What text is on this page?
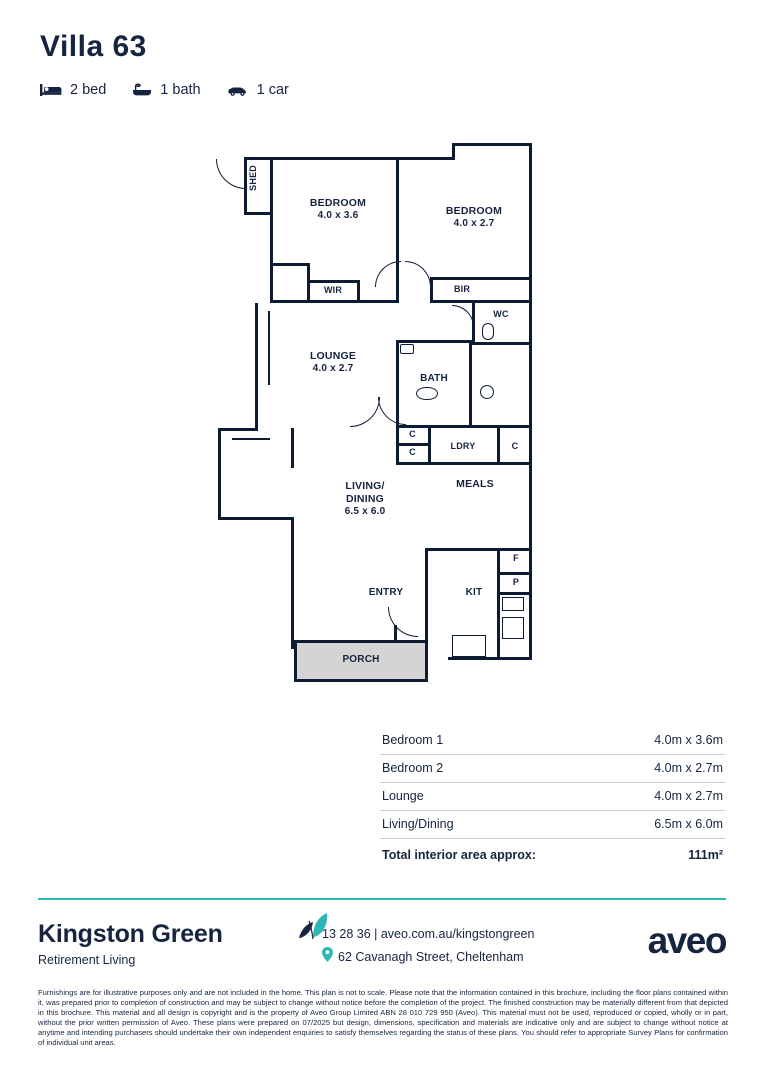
Villa 63
2 bed	1 bath	1 car
SHED
BEDROOM
4.0 x 3.6	BEDROOM
4.0 x 2.7
WIR	BIR
WC
LOUNGE
4.0 x 2.7
BATH
C
C
LDRY	C
LIVING/
DINING
6.5 x 6.0
MEALS
F
P
KIT
ENTRY
PORCH
Bedroom 1	4.0m x 3.6m
Bedroom 2	4.0m x 2.7m
Lounge	4.0m x 2.7m
Living/Dining	6.5m x 6.0m
Total interior area approx:	111m²
Kingston Green
Retirement Living
13 28 36 | aveo.com.au/kingstongreen
62 Cavanagh Street, Cheltenham	aveo
Furnishings are for illustrative purposes only and are not included in the home. This plan is not to scale. Please note that the information contained in this brochure, including the floor plans contained within it, was prepared prior to completion of construction and may be subject to change without notice before the completion of the project. The finished construction may be materially different from that depicted in this brochure. This material and all design is copyright and is the property of Aveo Group Limited ABN 28 010 729 950 (Aveo). This material must not be used, reproduced or copied, wholly or in part, without the prior written permission of Aveo. These plans were prepared on 07/2025 but design, dimensions, specification and materials are indicative only and are subject to change without notice at anytime and intending purchasers should undertake their own independent enquiries to satisfy themselves regarding the status of these plans. You should refer to appropriate Survey Plans for confirmation of individual unit areas.
